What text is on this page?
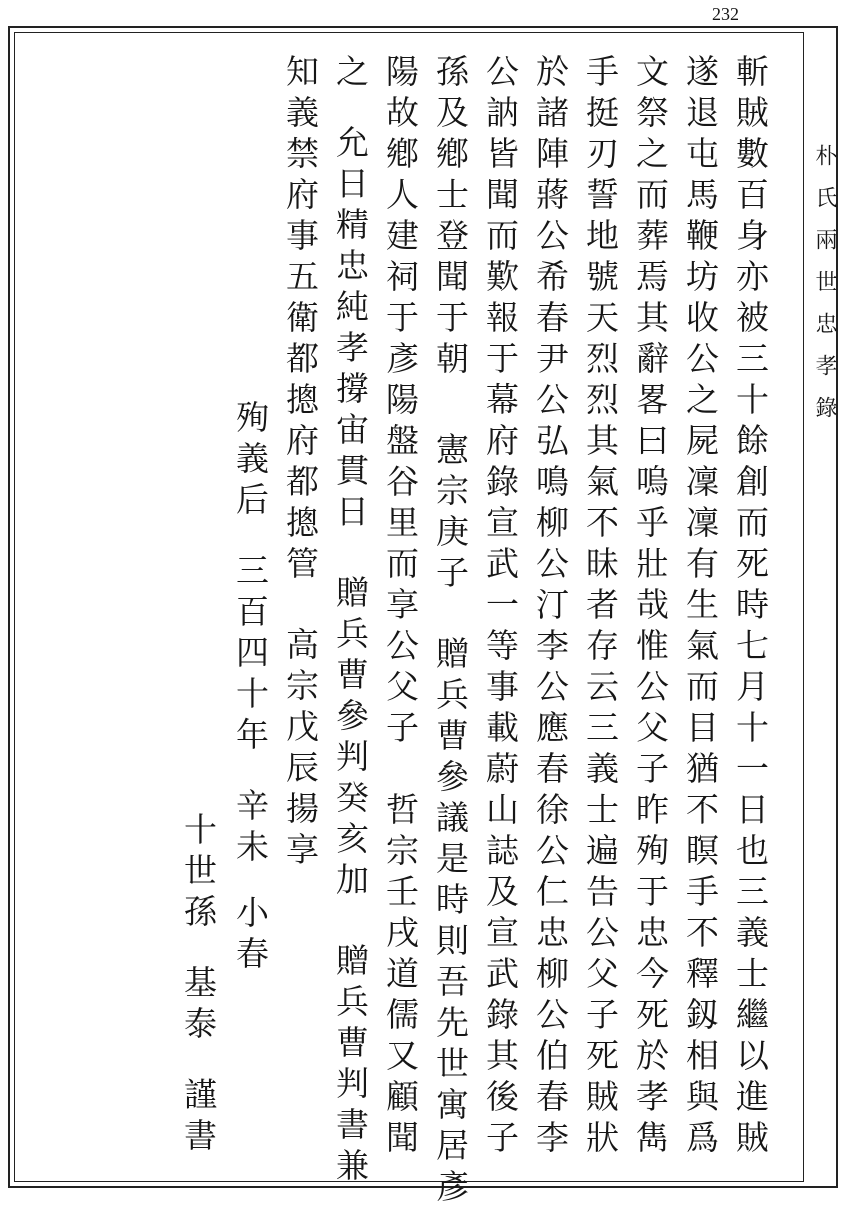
232
朴氏兩世忠孝錄
斬賊數百身亦被三十餘創而死時七月十一日也三義士繼以進賊
遂退屯馬鞭坊收公之屍凜凜有生氣而目猶不瞑手不釋釼相與爲
文祭之而葬焉其辭畧曰嗚乎壯哉惟公父子昨殉于忠今死於孝雋
手挺刃誓地號天烈烈其氣不昧者存云三義士遍告公父子死賊狀
於諸陣蔣公希春尹公弘鳴柳公汀李公應春徐公仁忠柳公伯春李
公訥皆聞而歎報于幕府錄宣武一等事載蔚山誌及宣武錄其後子
孫及鄕士登聞于朝憲宗庚子贈兵曹參議是時則吾先世寓居彥
陽故鄕人建祠于彥陽盤谷里而享公父子　哲宗壬戌道儒又顧聞
之允日精忠純孝撐宙貫日贈兵曹參判癸亥加贈兵曹判書兼
知義禁府事五衛都摠府都摠管高宗戊辰揚享
殉義后三百四十年辛未小春
十世孫基泰謹書
